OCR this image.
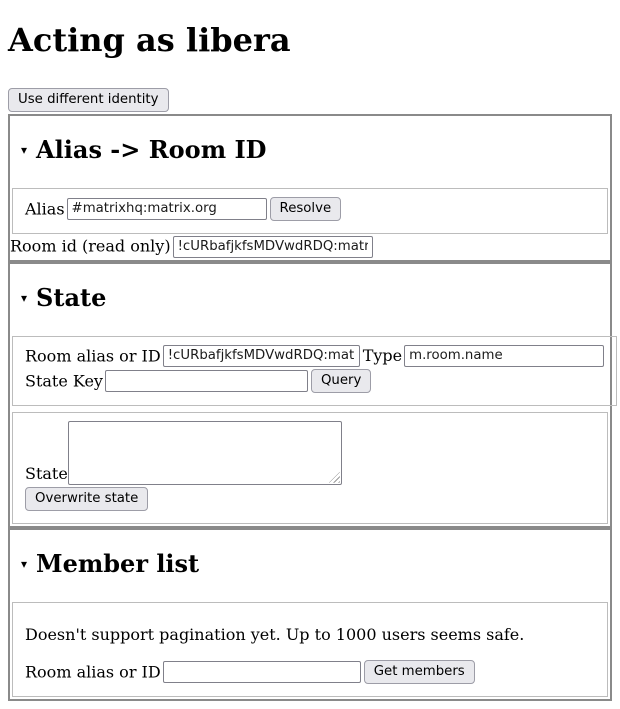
Acting as libera
Use different identity
▾ Alias -> Room ID
Alias#matrixhq:matrix.org	Resolve
Room id (read only)!cURbafjkfsMDVwdRDQ:matrix.
▾ State
Room alias or ID!cURbafjkfsMDVwdRDQ:matrix.	Typem.room.name
State Key	Query
State
Overwrite state
▾ Member list

Doesn't support pagination yet. Up to 1000 users seems safe.

Room alias or ID	Get members
